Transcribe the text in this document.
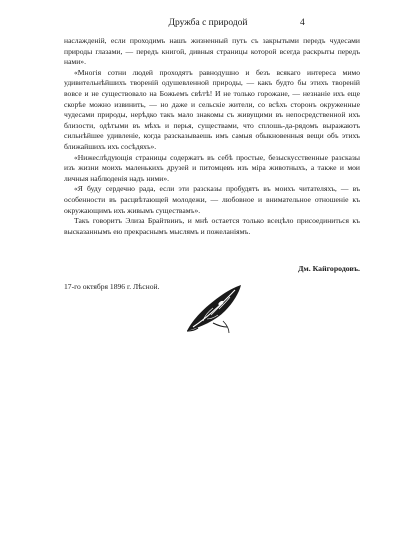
Дружба с природой	4

наслажденій, если проходимъ нашъ жизненный путь съ закрытыми передъ чудесами природы глазами, — передъ книгой, дивныя страницы которой всегда раскрыты передъ нами».

«Многія сотни людей проходятъ равнодушно и безъ всякаго интереса мимо удивительнѣйшихъ твореній одушевленной природы, — какъ будто бы этихъ твореній вовсе и не существовало на Божьемъ свѣтѣ! И не только горожане, — незнаніе ихъ еще скорѣе можно извинить, — но даже и сельскіе жители, со всѣхъ сторонъ окруженные чудесами природы, нерѣдко такъ мало знакомы съ живущими въ непосредственной ихъ близости, одѣтыми въ мѣхъ и перья, существами, что сплошь-да-рядомъ выражаютъ сильнѣйшее удивленіе, когда разсказываешь имъ самыя обыкновенныя вещи объ этихъ ближайшихъ ихъ сосѣдяхъ».

«Нижеслѣдующія страницы содержатъ въ себѣ простые, безыскусственные разсказы изъ жизни моихъ маленькихъ друзей и питомцевъ изъ міра животныхъ, а также и мои личныя наблюденія надъ ними».

«Я буду сердечно рада, если эти разсказы пробудятъ въ моихъ читателяхъ, — въ особенности въ расцвѣтающей молодежи, — любовное и внимательное отношеніе къ окружающимъ ихъ живымъ существамъ».

Такъ говоритъ Элиза Брайтвинъ, и мнѣ остается только всецѣло присоединиться къ высказаннымъ ею прекраснымъ мыслямъ и пожеланіямъ.

Дм. Кайгородовъ.
17-го октября 1896 г. Лѣсной.
